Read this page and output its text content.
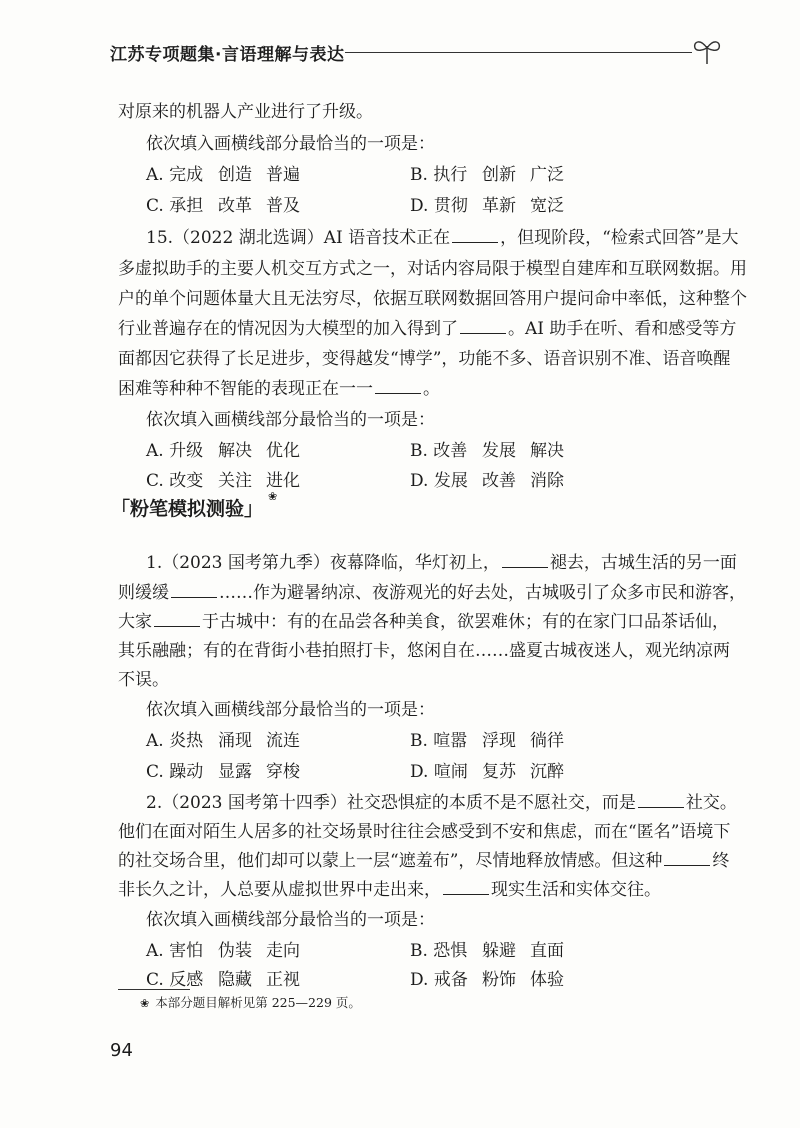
江苏专项题集·言语理解与表达
对原来的机器人产业进行了升级。
依次填入画横线部分最恰当的一项是：
A. 完成 创造 普遍	B. 执行 创新 广泛
C. 承担 改革 普及	D. 贯彻 革新 宽泛
15.（2022 湖北选调）AI 语音技术正在	，但现阶段，“检索式回答”是大
多虚拟助手的主要人机交互方式之一，对话内容局限于模型自建库和互联网数据。用
户的单个问题体量大且无法穷尽，依据互联网数据回答用户提问命中率低，这种整个
行业普遍存在的情况因为大模型的加入得到了	。AI 助手在听、看和感受等方
面都因它获得了长足进步，变得越发“博学”，功能不多、语音识别不准、语音唤醒
困难等种种不智能的表现正在一一	。
依次填入画横线部分最恰当的一项是：
A. 升级 解决 优化	B. 改善 发展 解决
C. 改变 关注 进化	D. 发展 改善 消除
「粉笔模拟测验」
❀
1.（2023 国考第九季）夜幕降临，华灯初上，	褪去，古城生活的另一面
则缓缓	……作为避暑纳凉、夜游观光的好去处，古城吸引了众多市民和游客，
大家	于古城中：有的在品尝各种美食，欲罢难休；有的在家门口品茶话仙，
其乐融融；有的在背街小巷拍照打卡，悠闲自在……盛夏古城夜迷人，观光纳凉两
不误。
依次填入画横线部分最恰当的一项是：
A. 炎热 涌现 流连	B. 喧嚣 浮现 徜徉
C. 躁动 显露 穿梭	D. 喧闹 复苏 沉醉
2.（2023 国考第十四季）社交恐惧症的本质不是不愿社交，而是	社交。
他们在面对陌生人居多的社交场景时往往会感受到不安和焦虑，而在“匿名”语境下
的社交场合里，他们却可以蒙上一层“遮羞布”，尽情地释放情感。但这种	终
非长久之计，人总要从虚拟世界中走出来，	现实生活和实体交往。
依次填入画横线部分最恰当的一项是：
A. 害怕 伪装 走向	B. 恐惧 躲避 直面
C. 反感 隐藏 正视	D. 戒备 粉饰 体验
❀ 本部分题目解析见第 225—229 页。
94
